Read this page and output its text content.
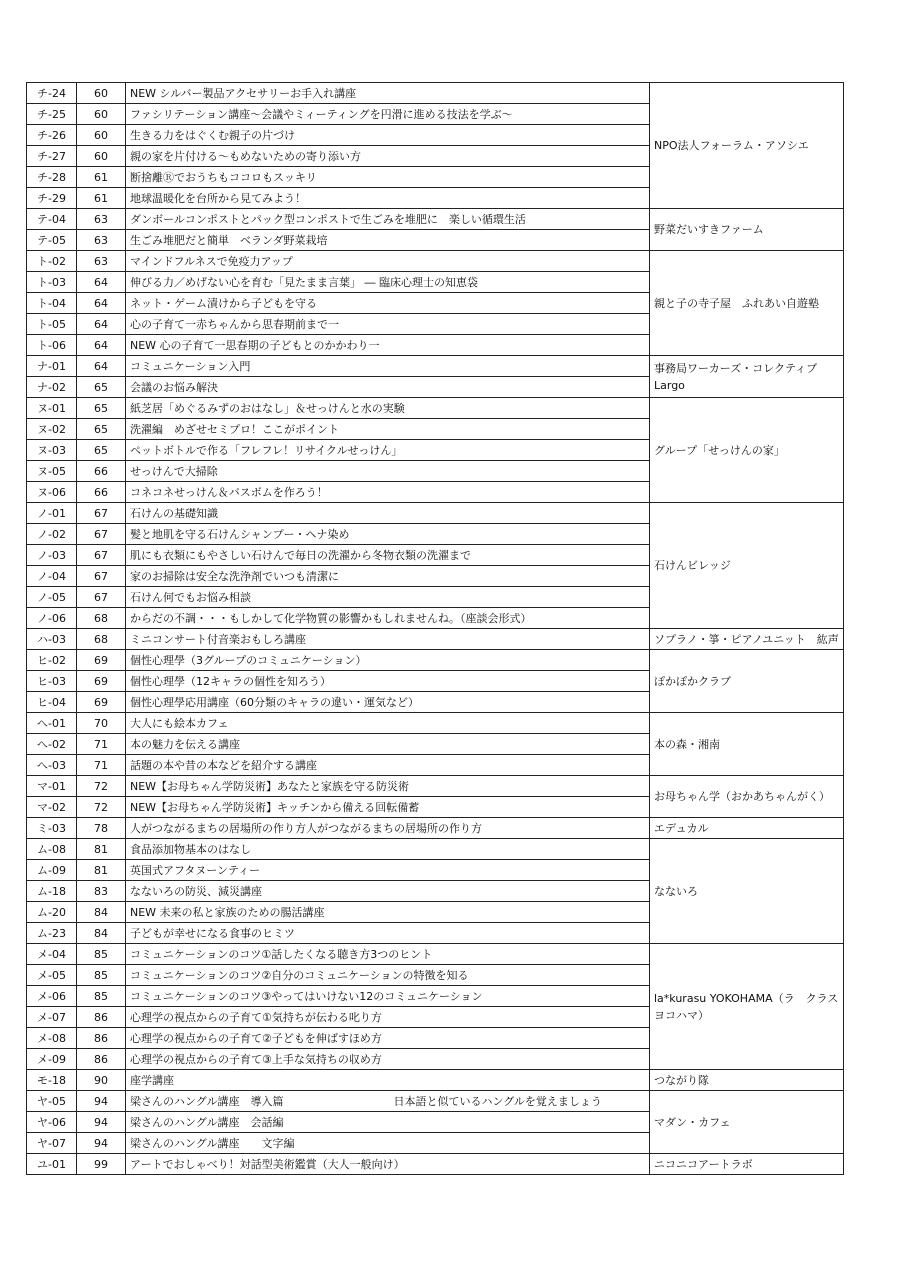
チ-24	60	NEW シルバー製品アクセサリーお手入れ講座	NPO法人フォーラム・アソシエ
チ-25	60	ファシリテーション講座～会議やミィーティングを円滑に進める技法を学ぶ～	
チ-26	60	生きる力をはぐくむ親子の片づけ	
チ-27	60	親の家を片付ける～もめないための寄り添い方	
チ-28	61	断捨離Ⓡでおうちもココロもスッキリ	
チ-29	61	地球温暖化を台所から見てみよう！	
テ-04	63	ダンボールコンポストとパック型コンポストで生ごみを堆肥に　楽しい循環生活	野菜だいすきファーム
テ-05	63	生ごみ堆肥だと簡単　ベランダ野菜栽培	
ト-02	63	マインドフルネスで免疫力アップ	親と子の寺子屋　ふれあい自遊塾
ト-03	64	伸びる力／めげない心を育む「見たまま言葉」 ― 臨床心理士の知恵袋	
ト-04	64	ネット・ゲーム漬けから子どもを守る	
ト-05	64	心の子育て一赤ちゃんから思春期前まで一	
ト-06	64	NEW 心の子育て一思春期の子どもとのかかわり一	
ナ-01	64	コミュニケーション入門	事務局ワーカーズ・コレクティブLargo
ナ-02	65	会議のお悩み解決	
ヌ-01	65	紙芝居「めぐるみずのおはなし」＆せっけんと水の実験	グループ「せっけんの家」
ヌ-02	65	洗濯編　めざせセミプロ！ここがポイント	
ヌ-03	65	ペットボトルで作る「フレフレ！リサイクルせっけん」	
ヌ-05	66	せっけんで大掃除	
ヌ-06	66	コネコネせっけん＆バスボムを作ろう！	
ノ-01	67	石けんの基礎知識	石けんビレッジ
ノ-02	67	髪と地肌を守る石けんシャンプー・ヘナ染め	
ノ-03	67	肌にも衣類にもやさしい石けんで毎日の洗濯から冬物衣類の洗濯まで	
ノ-04	67	家のお掃除は安全な洗浄剤でいつも清潔に	
ノ-05	67	石けん何でもお悩み相談	
ノ-06	68	からだの不調・・・もしかして化学物質の影響かもしれませんね。（座談会形式）	
ハ-03	68	ミニコンサート付音楽おもしろ講座	ソプラノ・箏・ピアノユニット　紘声
ヒ-02	69	個性心理學（3グループのコミュニケーション）	ぽかぽかクラブ
ヒ-03	69	個性心理學（12キャラの個性を知ろう）	
ヒ-04	69	個性心理學応用講座（60分類のキャラの違い・運気など）	
へ-01	70	大人にも絵本カフェ	本の森・湘南
へ-02	71	本の魅力を伝える講座	
へ-03	71	話題の本や昔の本などを紹介する講座	
マ-01	72	NEW【お母ちゃん学防災術】あなたと家族を守る防災術	お母ちゃん学（おかあちゃんがく）
マ-02	72	NEW【お母ちゃん学防災術】キッチンから備える回転備蓄	
ミ-03	78	人がつながるまちの居場所の作り方人がつながるまちの居場所の作り方	エデュカル
ム-08	81	食品添加物基本のはなし	なないろ
ム-09	81	英国式アフタヌーンティー	
ム-18	83	なないろの防災、減災講座	
ム-20	84	NEW 未来の私と家族のための腸活講座	
ム-23	84	子どもが幸せになる食事のヒミツ	
メ-04	85	コミュニケーションのコツ①話したくなる聴き方3つのヒント	la*kurasu YOKOHAMA（ラ　クラス ヨコハマ）
メ-05	85	コミュニケーションのコツ②自分のコミュニケーションの特徴を知る	
メ-06	85	コミュニケーションのコツ③やってはいけない12のコミュニケーション	
メ-07	86	心理学の視点からの子育て①気持ちが伝わる叱り方	
メ-08	86	心理学の視点からの子育て②子どもを伸ばすほめ方	
メ-09	86	心理学の視点からの子育て③上手な気持ちの収め方	
モ-18	90	座学講座	つながり隊
ヤ-05	94	梁さんのハングル講座　導入篇　　　　　　　　　　日本語と似ているハングルを覚えましょう	マダン・カフェ
ヤ-06	94	梁さんのハングル講座　会話編	
ヤ-07	94	梁さんのハングル講座　　文字編	
ユ-01	99	アートでおしゃべり！対話型美術鑑賞（大人一般向け）	ニコニコアートラボ
